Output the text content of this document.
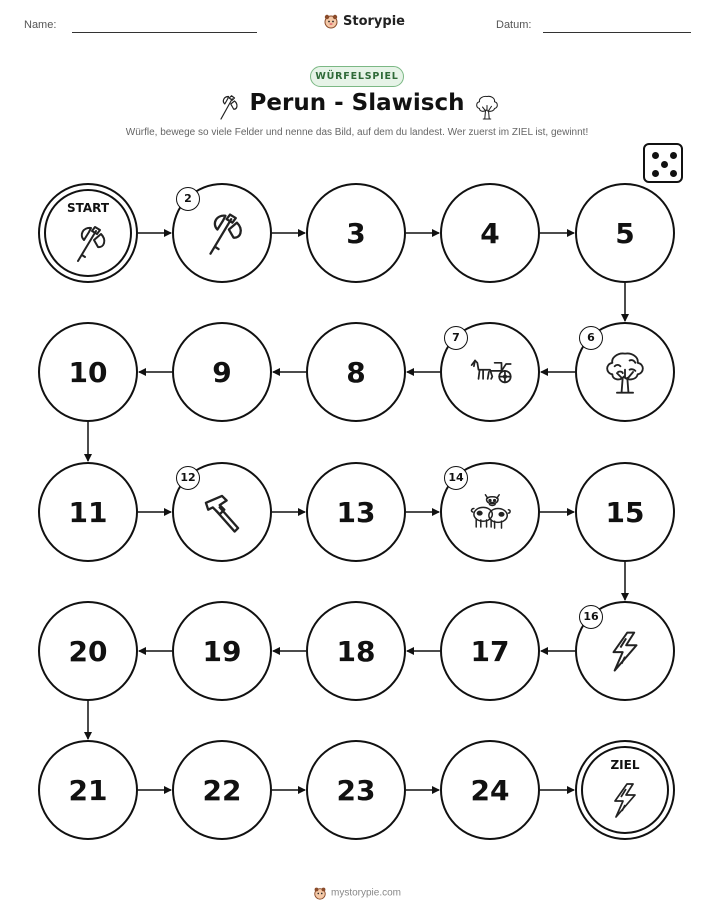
Name:	Storypie	Datum:
WÜRFELSPIEL
Perun - Slawisch
Würfle, bewege so viele Felder und nenne das Bild, auf dem du landest. Wer zuerst im ZIEL ist, gewinnt!
START
2
3	4	5
6
7
8
9
10
11
12
13
14
15
16
17
18
19
20
21	22	23	24
ZIEL
mystorypie.com
